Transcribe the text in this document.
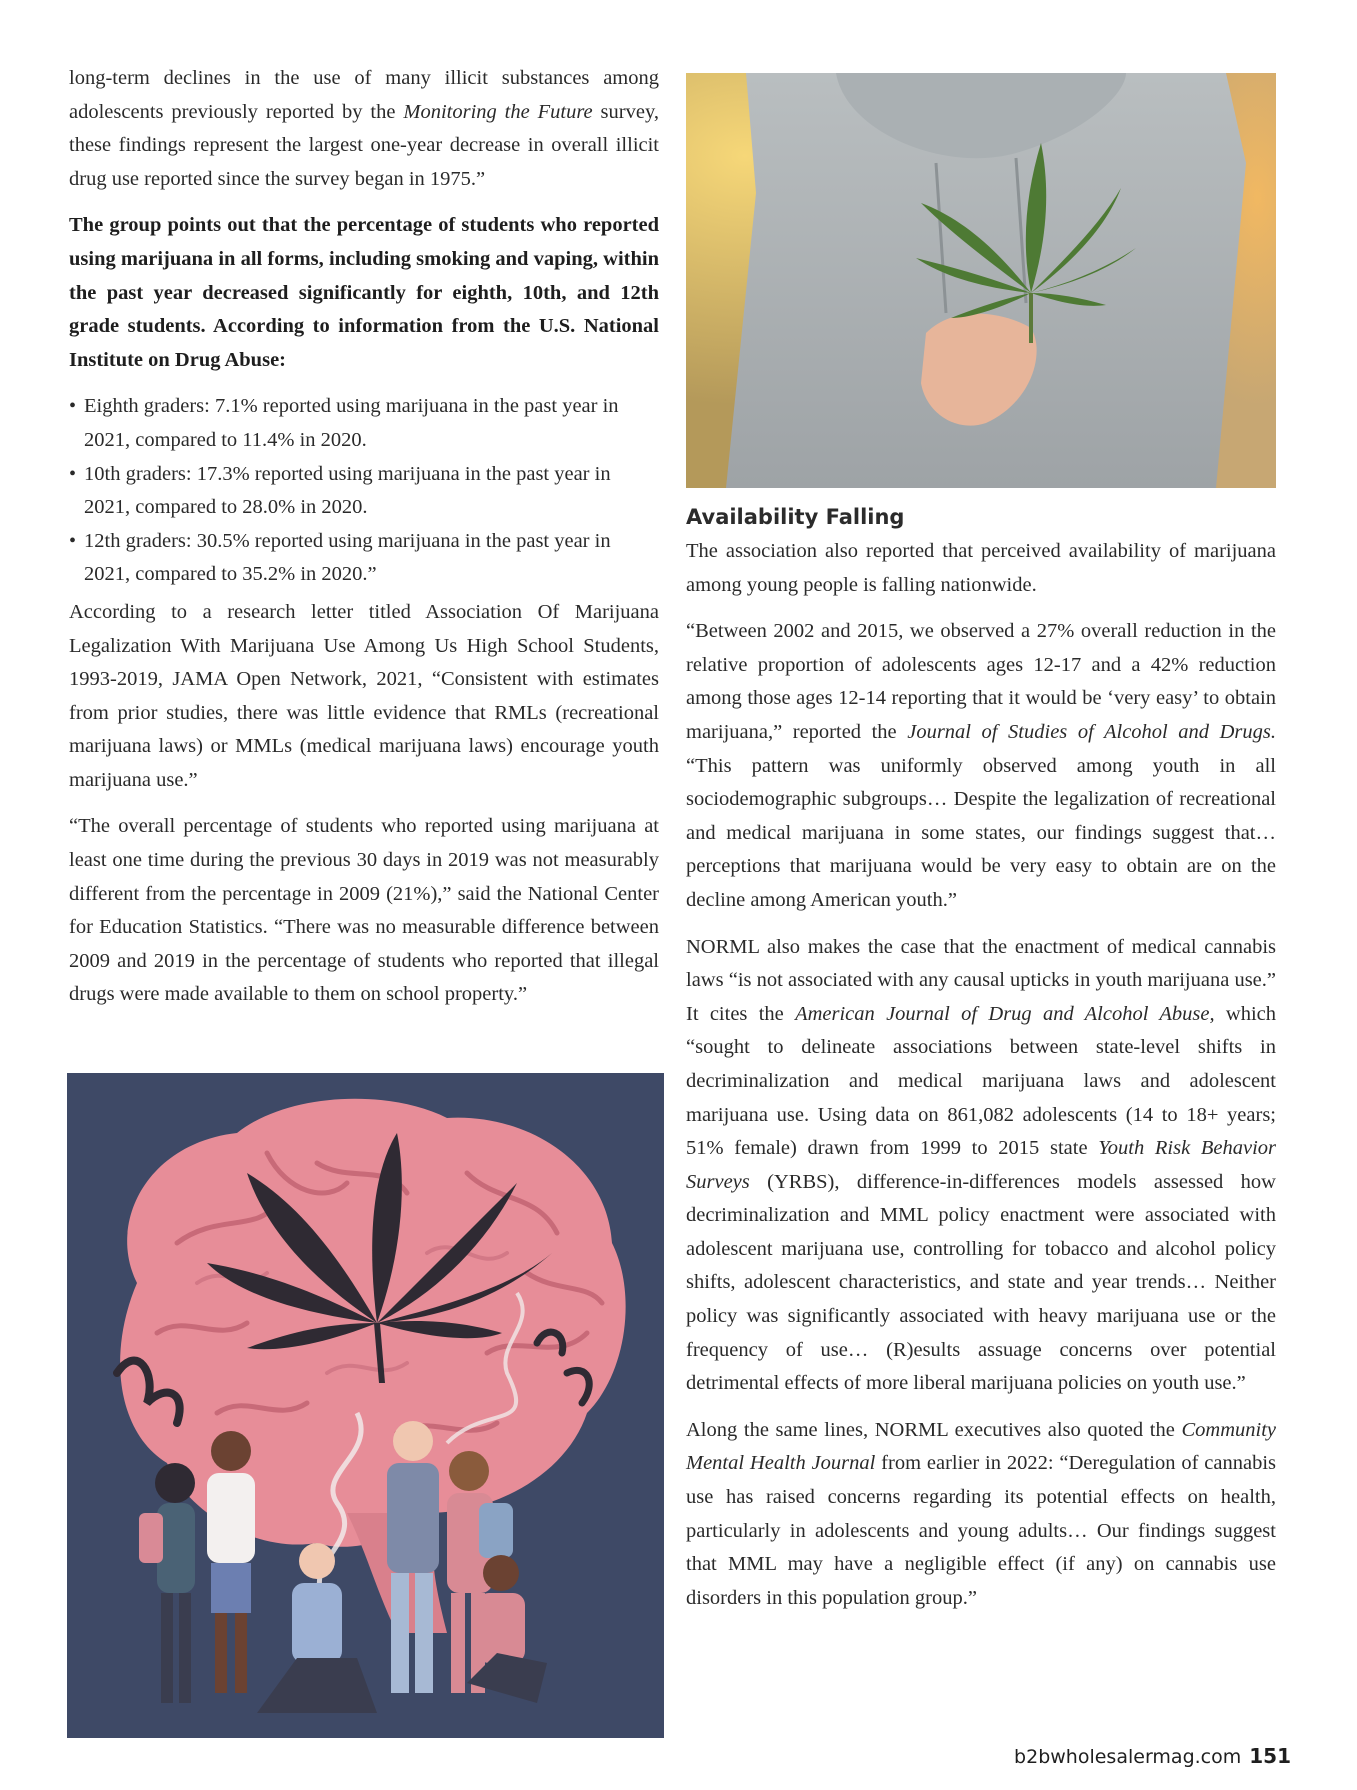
long-term declines in the use of many illicit substances among adolescents previously reported by the Monitoring the Future survey, these findings represent the largest one-year decrease in overall illicit drug use reported since the survey began in 1975.”

The group points out that the percentage of students who reported using marijuana in all forms, including smoking and vaping, within the past year decreased significantly for eighth, 10th, and 12th grade students. According to information from the U.S. National Institute on Drug Abuse:

• Eighth graders: 7.1% reported using marijuana in the past year in 2021, compared to 11.4% in 2020.
• 10th graders: 17.3% reported using marijuana in the past year in 2021, compared to 28.0% in 2020.
• 12th graders: 30.5% reported using marijuana in the past year in 2021, compared to 35.2% in 2020.”

According to a research letter titled Association Of Marijuana Legalization With Marijuana Use Among Us High School Students, 1993-2019, JAMA Open Network, 2021, “Consistent with estimates from prior studies, there was little evidence that RMLs (recreational marijuana laws) or MMLs (medical marijuana laws) encourage youth marijuana use.”

“The overall percentage of students who reported using marijuana at least one time during the previous 30 days in 2019 was not measurably different from the percentage in 2009 (21%),” said the National Center for Education Statistics. “There was no measurable difference between 2009 and 2019 in the percentage of students who reported that illegal drugs were made available to them on school property.”

Availability Falling

The association also reported that perceived availability of marijuana among young people is falling nationwide.

“Between 2002 and 2015, we observed a 27% overall reduction in the relative proportion of adolescents ages 12-17 and a 42% reduction among those ages 12-14 reporting that it would be ‘very easy’ to obtain marijuana,” reported the Journal of Studies of Alcohol and Drugs. “This pattern was uniformly observed among youth in all sociodemographic subgroups… Despite the legalization of recreational and medical marijuana in some states, our findings suggest that… perceptions that marijuana would be very easy to obtain are on the decline among American youth.”

NORML also makes the case that the enactment of medical cannabis laws “is not associated with any causal upticks in youth marijuana use.” It cites the American Journal of Drug and Alcohol Abuse, which “sought to delineate associations between state-level shifts in decriminalization and medical marijuana laws and adolescent marijuana use. Using data on 861,082 adolescents (14 to 18+ years; 51% female) drawn from 1999 to 2015 state Youth Risk Behavior Surveys (YRBS), difference-in-differences models assessed how decriminalization and MML policy enactment were associated with adolescent marijuana use, controlling for tobacco and alcohol policy shifts, adolescent characteristics, and state and year trends… Neither policy was significantly associated with heavy marijuana use or the frequency of use… (R)esults assuage concerns over potential detrimental effects of more liberal marijuana policies on youth use.”

Along the same lines, NORML executives also quoted the Community Mental Health Journal from earlier in 2022: “Deregulation of cannabis use has raised concerns regarding its potential effects on health, particularly in adolescents and young adults… Our findings suggest that MML may have a negligible effect (if any) on cannabis use disorders in this population group.”

b2bwholesalermag.com 151
